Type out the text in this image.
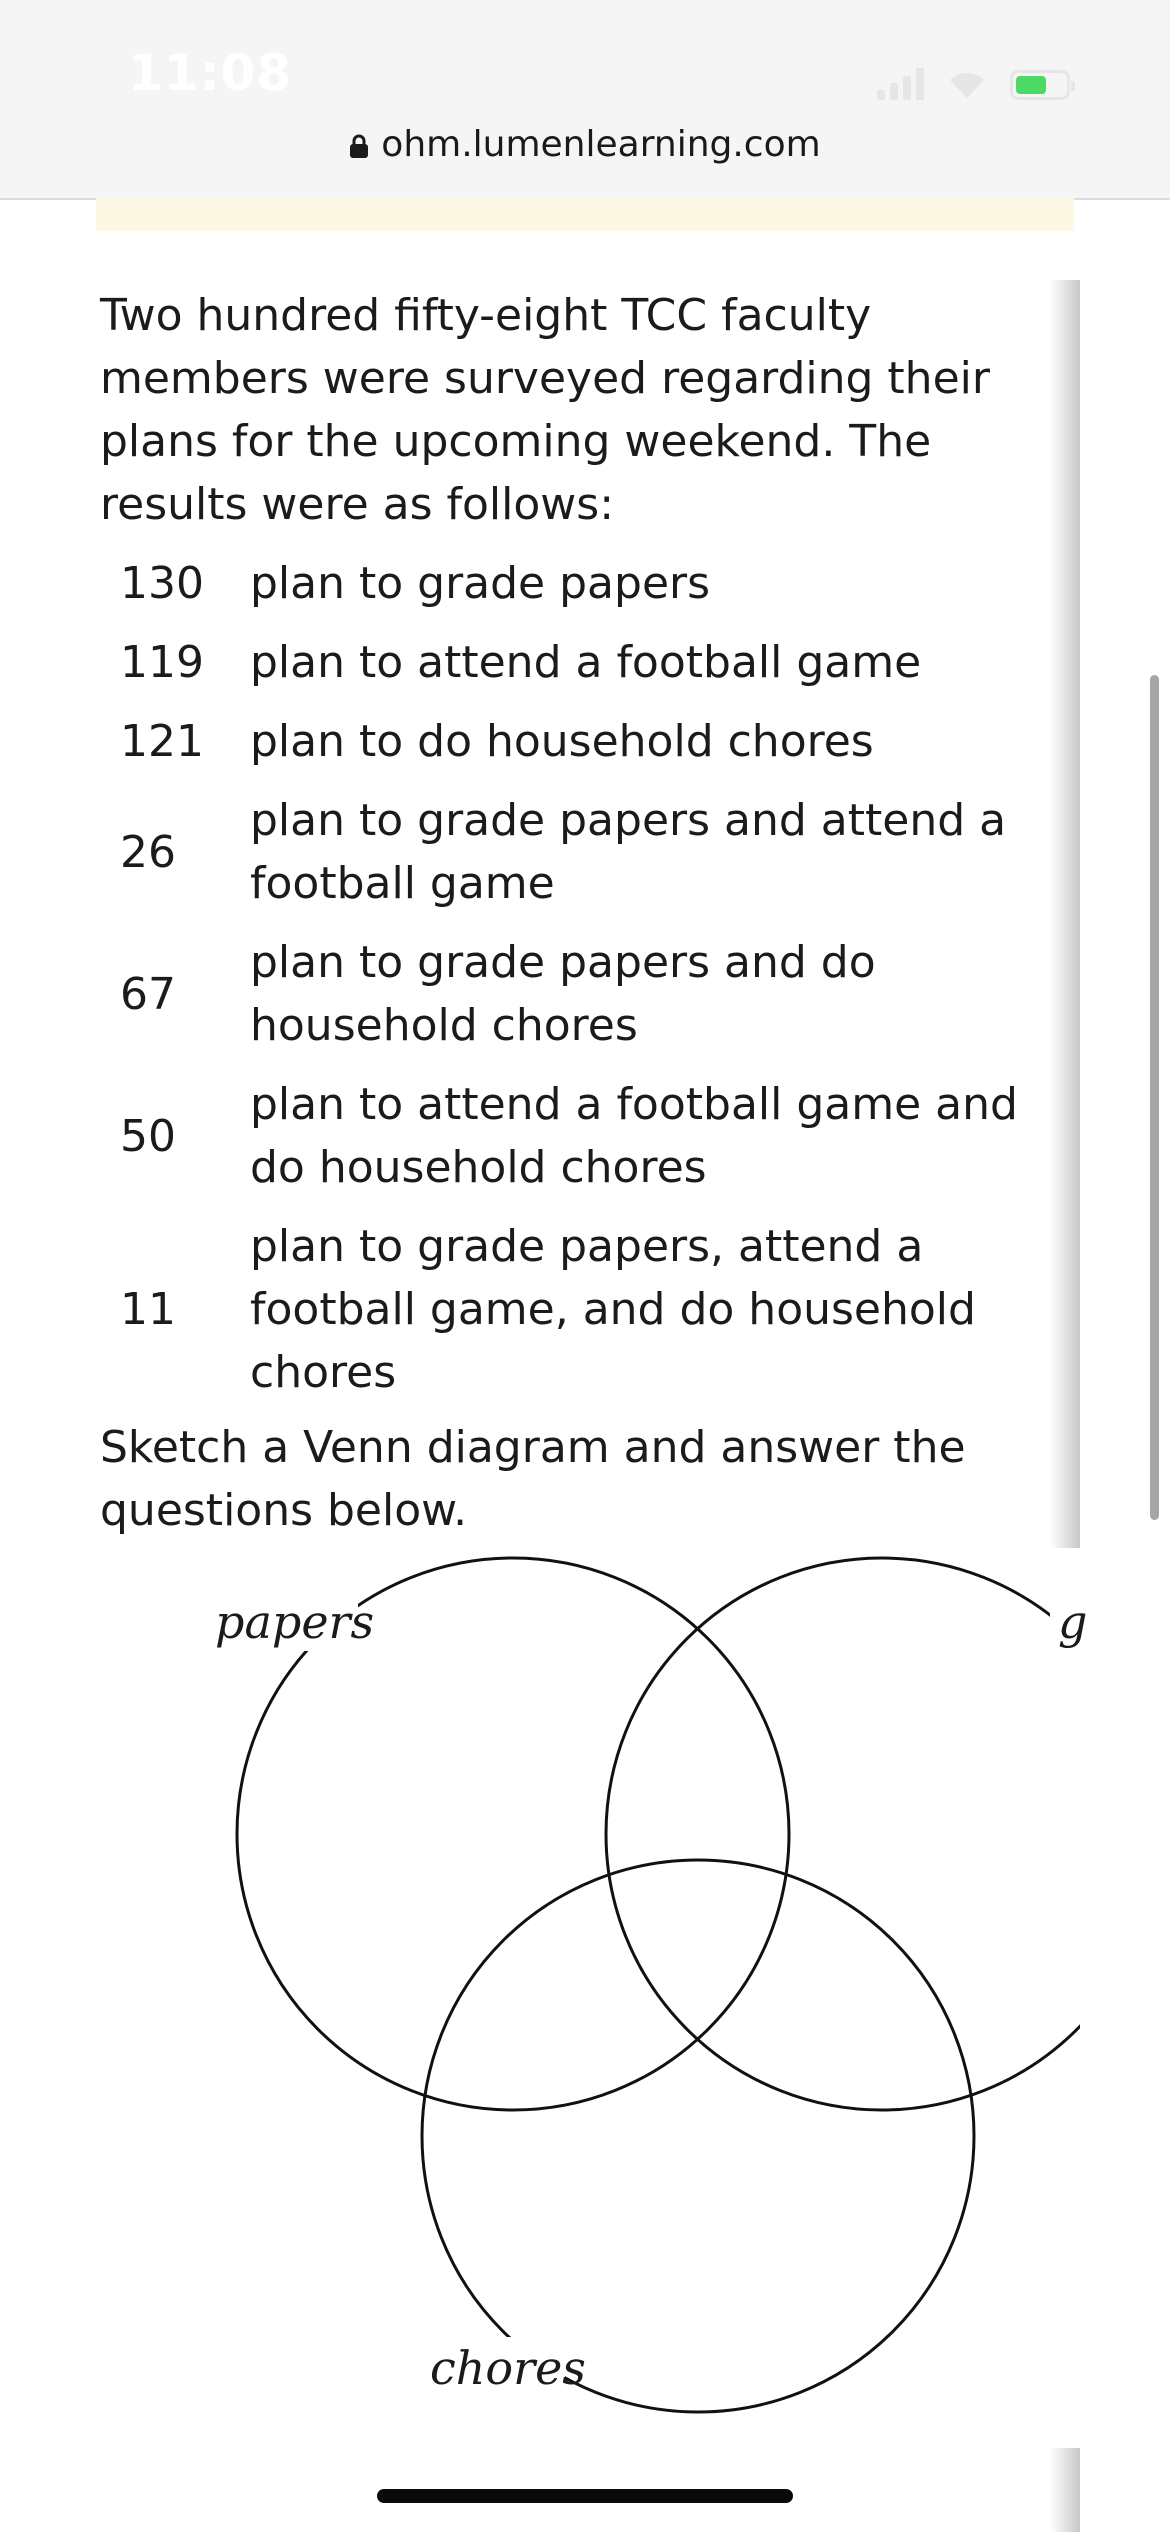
11:08
ohm.lumenlearning.com

Two hundred fifty-eight TCC faculty members were surveyed regarding their plans for the upcoming weekend. The results were as follows:

130	plan to grade papers
119	plan to attend a football game
121	plan to do household chores
26	plan to grade papers and attend a football game
67	plan to grade papers and do household chores
50	plan to attend a football game and do household chores
11	plan to grade papers, attend a football game, and do household chores

Sketch a Venn diagram and answer the questions below.

papers
chores
g
